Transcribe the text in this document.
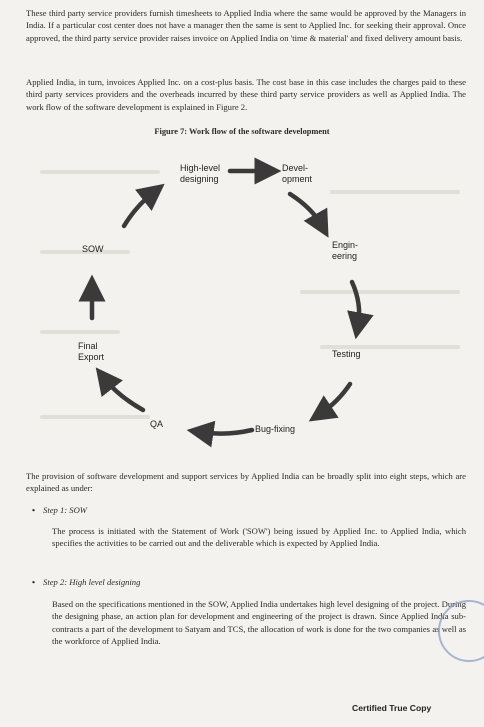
These third party service providers furnish timesheets to Applied India where the same would be approved by the Managers in India. If a particular cost center does not have a manager then the same is sent to Applied Inc. for seeking their approval. Once approved, the third party service provider raises invoice on Applied India on 'time & material' and fixed delivery amount basis.
Applied India, in turn, invoices Applied Inc. on a cost-plus basis. The cost base in this case includes the charges paid to these third party services providers and the overheads incurred by these third party service providers as well as Applied India. The work flow of the software development is explained in Figure 2.
Figure 7: Work flow of the software development
High-level
designing
Devel-
opment
Engin-
eering
Testing
Bug-fixing
QA
Final
Export
SOW
The provision of software development and support services by Applied India can be broadly split into eight steps, which are explained as under:
• Step 1: SOW
The process is initiated with the Statement of Work ('SOW') being issued by Applied Inc. to Applied India, which specifies the activities to be carried out and the deliverable which is expected by Applied India.
• Step 2: High level designing
Based on the specifications mentioned in the SOW, Applied India undertakes high level designing of the project. During the designing phase, an action plan for development and engineering of the project is drawn. Since Applied India sub-contracts a part of the development to Satyam and TCS, the allocation of work is done for the two companies as well as the workforce of Applied India.
Certified True Copy
